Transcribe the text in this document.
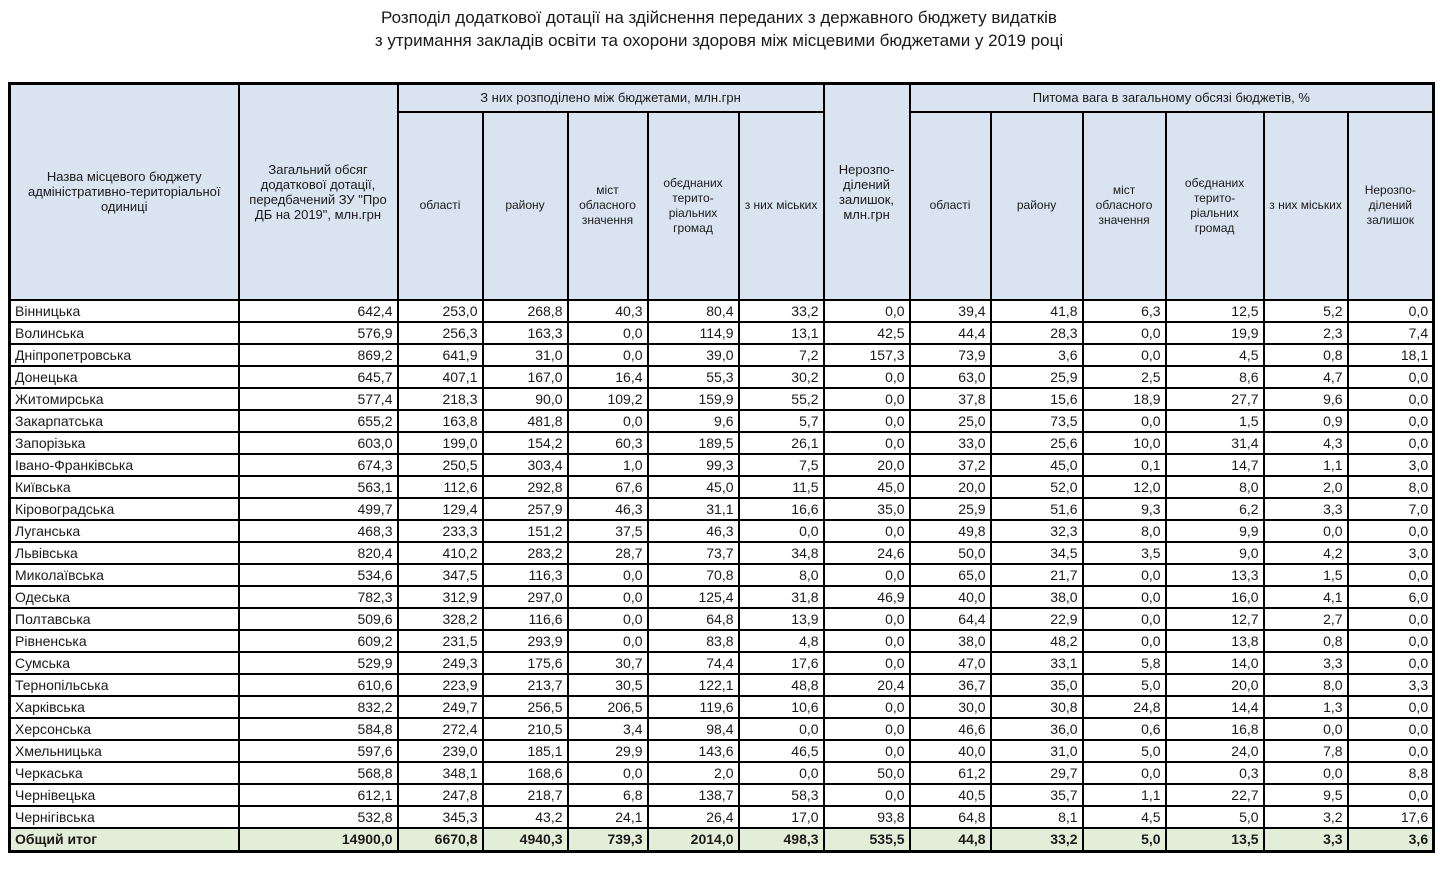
Розподіл додаткової дотації на здійснення переданих з державного бюджету видатків
з утримання закладів освіти та охорони здоровя між місцевими бюджетами у 2019 році
Назва місцевого бюджету адміністративно-територіальної одиниці	Загальний обсяг додаткової дотації, передбачений ЗУ "Про ДБ на 2019", млн.грн	З них розподілено між бюджетами, млн.грн					Нерозпо- ділений залишок, млн.грн	Питома вага в загальному обсязі бюджетів, %					
		області	району	міст обласного значення	обєднаних терито- ріальних громад	з них міських		області	району	міст обласного значення	обєднаних терито- ріальних громад	з них міських	Нерозпо- ділений залишок
Вінницька	642,4	253,0	268,8	40,3	80,4	33,2	0,0	39,4	41,8	6,3	12,5	5,2	0,0
Волинська	576,9	256,3	163,3	0,0	114,9	13,1	42,5	44,4	28,3	0,0	19,9	2,3	7,4
Дніпропетровська	869,2	641,9	31,0	0,0	39,0	7,2	157,3	73,9	3,6	0,0	4,5	0,8	18,1
Донецька	645,7	407,1	167,0	16,4	55,3	30,2	0,0	63,0	25,9	2,5	8,6	4,7	0,0
Житомирська	577,4	218,3	90,0	109,2	159,9	55,2	0,0	37,8	15,6	18,9	27,7	9,6	0,0
Закарпатська	655,2	163,8	481,8	0,0	9,6	5,7	0,0	25,0	73,5	0,0	1,5	0,9	0,0
Запорізька	603,0	199,0	154,2	60,3	189,5	26,1	0,0	33,0	25,6	10,0	31,4	4,3	0,0
Івано-Франківська	674,3	250,5	303,4	1,0	99,3	7,5	20,0	37,2	45,0	0,1	14,7	1,1	3,0
Київська	563,1	112,6	292,8	67,6	45,0	11,5	45,0	20,0	52,0	12,0	8,0	2,0	8,0
Кіровоградська	499,7	129,4	257,9	46,3	31,1	16,6	35,0	25,9	51,6	9,3	6,2	3,3	7,0
Луганська	468,3	233,3	151,2	37,5	46,3	0,0	0,0	49,8	32,3	8,0	9,9	0,0	0,0
Львівська	820,4	410,2	283,2	28,7	73,7	34,8	24,6	50,0	34,5	3,5	9,0	4,2	3,0
Миколаївська	534,6	347,5	116,3	0,0	70,8	8,0	0,0	65,0	21,7	0,0	13,3	1,5	0,0
Одеська	782,3	312,9	297,0	0,0	125,4	31,8	46,9	40,0	38,0	0,0	16,0	4,1	6,0
Полтавська	509,6	328,2	116,6	0,0	64,8	13,9	0,0	64,4	22,9	0,0	12,7	2,7	0,0
Рівненська	609,2	231,5	293,9	0,0	83,8	4,8	0,0	38,0	48,2	0,0	13,8	0,8	0,0
Сумська	529,9	249,3	175,6	30,7	74,4	17,6	0,0	47,0	33,1	5,8	14,0	3,3	0,0
Тернопільська	610,6	223,9	213,7	30,5	122,1	48,8	20,4	36,7	35,0	5,0	20,0	8,0	3,3
Харківська	832,2	249,7	256,5	206,5	119,6	10,6	0,0	30,0	30,8	24,8	14,4	1,3	0,0
Херсонська	584,8	272,4	210,5	3,4	98,4	0,0	0,0	46,6	36,0	0,6	16,8	0,0	0,0
Хмельницька	597,6	239,0	185,1	29,9	143,6	46,5	0,0	40,0	31,0	5,0	24,0	7,8	0,0
Черкаська	568,8	348,1	168,6	0,0	2,0	0,0	50,0	61,2	29,7	0,0	0,3	0,0	8,8
Чернівецька	612,1	247,8	218,7	6,8	138,7	58,3	0,0	40,5	35,7	1,1	22,7	9,5	0,0
Чернігівська	532,8	345,3	43,2	24,1	26,4	17,0	93,8	64,8	8,1	4,5	5,0	3,2	17,6
Общий итог	14900,0	6670,8	4940,3	739,3	2014,0	498,3	535,5	44,8	33,2	5,0	13,5	3,3	3,6
